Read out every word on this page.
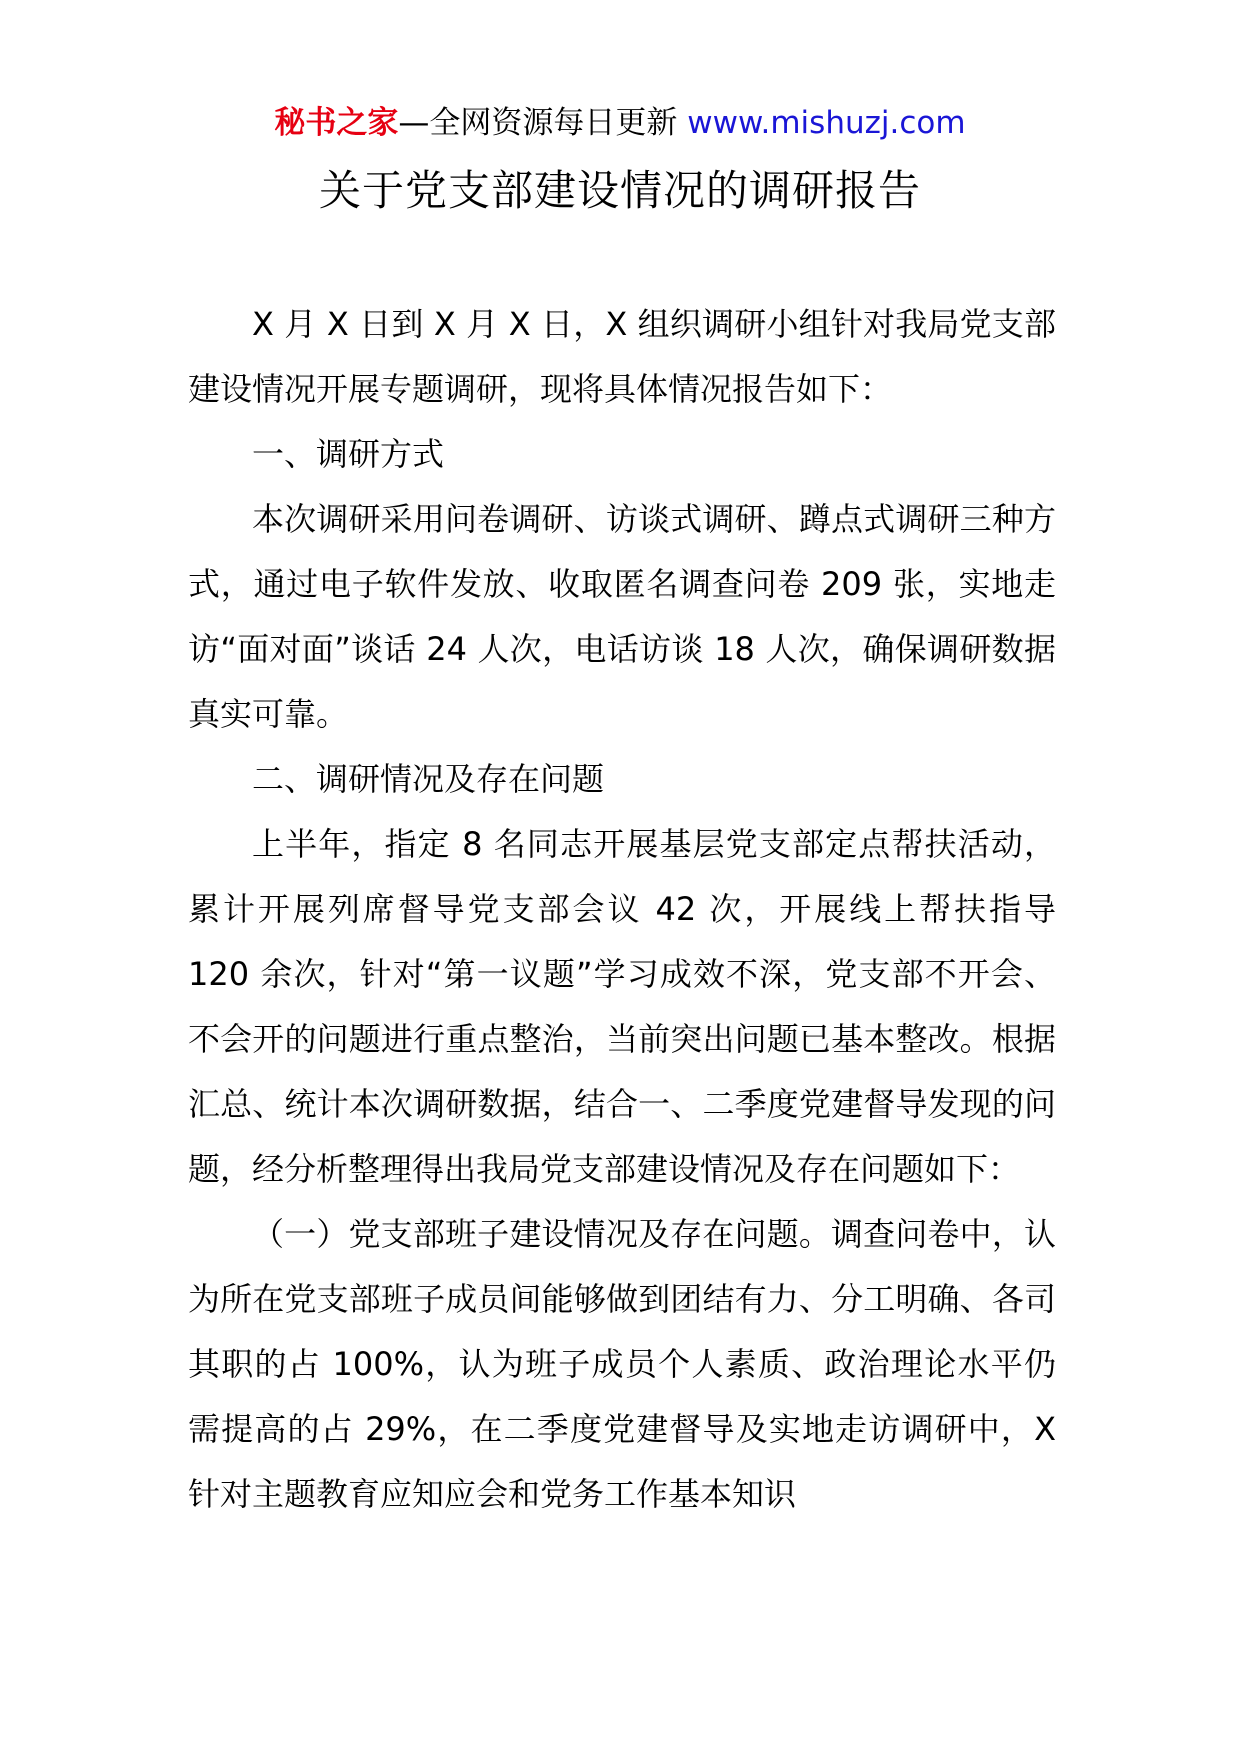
秘书之家—全网资源每日更新 www.mishuzj.com
关于党支部建设情况的调研报告

X 月 X 日到 X 月 X 日，X 组织调研小组针对我局党支部建设情况开展专题调研，现将具体情况报告如下：

一、调研方式

本次调研采用问卷调研、访谈式调研、蹲点式调研三种方式，通过电子软件发放、收取匿名调查问卷 209 张，实地走访“面对面”谈话 24 人次，电话访谈 18 人次，确保调研数据真实可靠。

二、调研情况及存在问题

上半年，指定 8 名同志开展基层党支部定点帮扶活动，累计开展列席督导党支部会议 42 次，开展线上帮扶指导 120 余次，针对“第一议题”学习成效不深，党支部不开会、不会开的问题进行重点整治，当前突出问题已基本整改。根据汇总、统计本次调研数据，结合一、二季度党建督导发现的问题，经分析整理得出我局党支部建设情况及存在问题如下：

（一）党支部班子建设情况及存在问题。调查问卷中，认为所在党支部班子成员间能够做到团结有力、分工明确、各司其职的占 100%，认为班子成员个人素质、政治理论水平仍需提高的占 29%，在二季度党建督导及实地走访调研中，X 针对主题教育应知应会和党务工作基本知识
